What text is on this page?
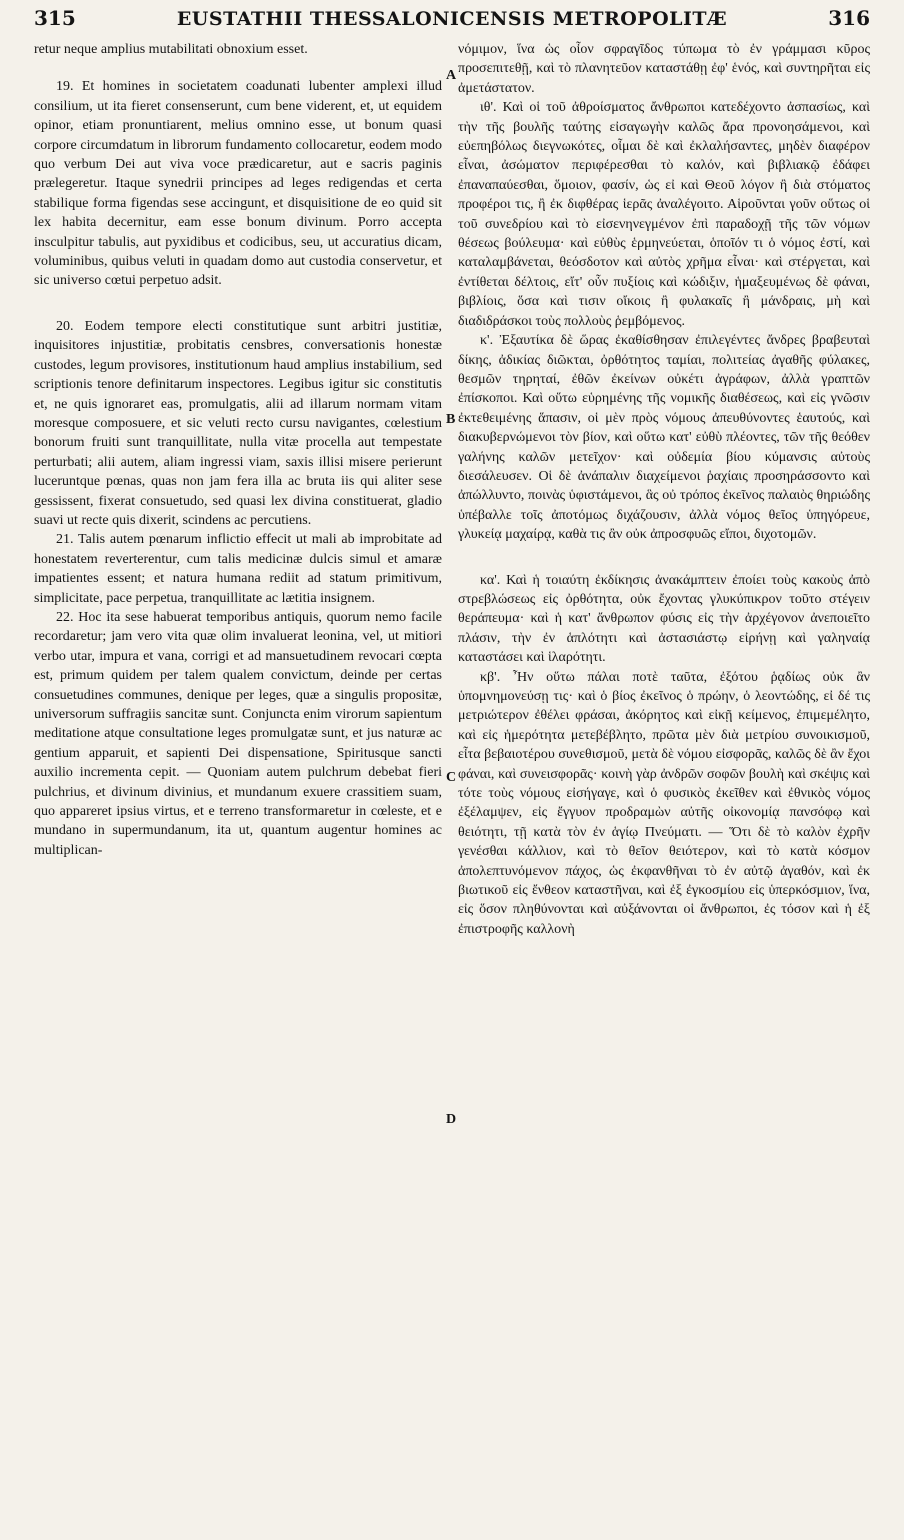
315	EUSTATHII THESSALONICENSIS METROPOLITÆ	316

retur neque amplius mutabilitati obnoxium esset.

19. Et homines in societatem coadunati lubenter amplexi illud consilium, ut ita fieret consenserunt, cum bene viderent, et, ut equidem opinor, etiam pronuntiarent, melius omnino esse, ut bonum quasi corpore circumdatum in librorum fundamento collocaretur, eodem modo quo verbum Dei aut viva voce prædicaretur, aut e sacris paginis prælegeretur. Itaque synedrii principes ad leges redigendas et certa stabilique forma figendas sese accingunt, et disquisitione de eo quid sit lex habita decernitur, eam esse bonum divinum. Porro accepta insculpitur tabulis, aut pyxidibus et codicibus, seu, ut accuratius dicam, voluminibus, quibus veluti in quadam domo aut custodia conservetur, et sic universo cœtui perpetuo adsit.

20. Eodem tempore electi constitutique sunt arbitri justitiæ, inquisitores injustitiæ, probitatis censbres, conversationis honestæ custodes, legum provisores, institutionum haud amplius instabilium, sed scriptionis tenore definitarum inspectores. Legibus igitur sic constitutis et, ne quis ignoraret eas, promulgatis, alii ad illarum normam vitam moresque composuere, et sic veluti recto cursu navigantes, cœlestium bonorum fruiti sunt tranquillitate, nulla vitæ procella aut tempestate perturbati; alii autem, aliam ingressi viam, saxis illisi misere perierunt luceruntque pœnas, quas non jam fera illa ac bruta iis qui aliter sese gessissent, fixerat consuetudo, sed quasi lex divina constituerat, gladio suavi ut recte quis dixerit, scindens ac percutiens.

21. Talis autem pœnarum inflictio effecit ut mali ab improbitate ad honestatem reverterentur, cum talis medicinæ dulcis simul et amaræ impatientes essent; et natura humana rediit ad statum primitivum, simplicitate, pace perpetua, tranquillitate ac lætitia insignem.

22. Hoc ita sese habuerat temporibus antiquis, quorum nemo facile recordaretur; jam vero vita quæ olim invaluerat leonina, vel, ut mitiori verbo utar, impura et vana, corrigi et ad mansuetudinem revocari cœpta est, primum quidem per talem qualem convictum, deinde per certas consuetudines communes, denique per leges, quæ a singulis propositæ, universorum suffragiis sancitæ sunt. Conjuncta enim virorum sapientum meditatione atque consultatione leges promulgatæ sunt, et jus naturæ ac gentium apparuit, et sapienti Dei dispensatione, Spiritusque sancti auxilio incrementa cepit. — Quoniam autem pulchrum debebat fieri pulchrius, et divinum divinius, et mundanum exuere crassitiem suam, quo appareret ipsius virtus, et e terreno transformaretur in cœleste, et e mundano in supermundanum, ita ut, quantum augentur homines ac multiplican-

A
B
C
D

νόμιμον, ἵνα ὡς οἷον σφραγῖδος τύπωμα τὸ ἐν γράμμασι κῦρος προσεπιτεθῇ, καὶ τὸ πλανητεῦον καταστάθῃ ἐφ' ἑνός, καὶ συντηρῆται εἰς ἀμετάστατον.

ιθ'. Καὶ οἱ τοῦ ἀθροίσματος ἄνθρωποι κατεδέχοντο ἀσπασίως, καὶ τὴν τῆς βουλῆς ταύτης εἰσαγωγὴν καλῶς ἄρα προνοησάμενοι, καὶ εὐεπηβόλως διεγνωκότες, οἶμαι δὲ καὶ ἐκλαλήσαντες, μηδὲν διαφέρον εἶναι, ἀσώματον περιφέρεσθαι τὸ καλόν, καὶ βιβλιακῷ ἐδάφει ἐπαναπαύεσθαι, ὅμοιον, φασίν, ὡς εἰ καὶ Θεοῦ λόγον ἢ διὰ στόματος προφέροι τις, ἢ ἐκ διφθέρας ἱερᾶς ἀναλέγοιτο. Αἱροῦνται γοῦν οὕτως οἱ τοῦ συνεδρίου καὶ τὸ εἰσενηνεγμένον ἐπὶ παραδοχῇ τῆς τῶν νόμων θέσεως βούλευμα· καὶ εὐθὺς ἑρμηνεύεται, ὁποῖόν τι ὁ νόμος ἐστί, καὶ καταλαμβάνεται, θεόσδοτον καὶ αὐτὸς χρῆμα εἶναι· καὶ στέργεται, καὶ ἐντίθεται δέλτοις, εἴτ' οὖν πυξίοις καὶ κώδιξιν, ἡμαξευμένως δὲ φάναι, βιβλίοις, ὅσα καὶ τισιν οἴκοις ἢ φυλακαῖς ἢ μάνδραις, μὴ καὶ διαδιδράσκοι τοὺς πολλοὺς ῥεμβόμενος.

κ'. Ἐξαυτίκα δὲ ὥρας ἐκαθίσθησαν ἐπιλεγέντες ἄνδρες βραβευταὶ δίκης, ἀδικίας διῶκται, ὀρθότητος ταμίαι, πολιτείας ἀγαθῆς φύλακες, θεσμῶν τηρηταί, ἐθῶν ἐκείνων οὐκέτι ἀγράφων, ἀλλὰ γραπτῶν ἐπίσκοποι. Καὶ οὕτω εὑρημένης τῆς νομικῆς διαθέσεως, καὶ εἰς γνῶσιν ἐκτεθειμένης ἅπασιν, οἱ μὲν πρὸς νόμους ἀπευθύνοντες ἑαυτούς, καὶ διακυβερνώμενοι τὸν βίον, καὶ οὕτω κατ' εὐθὺ πλέοντες, τῶν τῆς θεόθεν γαλήνης καλῶν μετεῖχον· καὶ οὐδεμία βίου κύμανσις αὐτοὺς διεσάλευσεν. Οἱ δὲ ἀνάπαλιν διαχείμενοι ῥαχίαις προσηράσσοντο καὶ ἀπώλλυντο, ποινὰς ὑφιστάμενοι, ἃς οὐ τρόπος ἐκεῖνος παλαιὸς θηριώδης ὑπέβαλλε τοῖς ἀποτόμως διχάζουσιν, ἀλλὰ νόμος θεῖος ὑπηγόρευε, γλυκείᾳ μαχαίρᾳ, καθὰ τις ἂν οὐκ ἀπροσφυῶς εἴποι, διχοτομῶν.

κα'. Καὶ ἡ τοιαύτη ἐκδίκησις ἀνακάμπτειν ἐποίει τοὺς κακοὺς ἀπὸ στρεβλώσεως εἰς ὀρθότητα, οὐκ ἔχοντας γλυκύπικρον τοῦτο στέγειν θεράπευμα· καὶ ἡ κατ' ἄνθρωπον φύσις εἰς τὴν ἀρχέγονον ἀνεποιεῖτο πλάσιν, τὴν ἐν ἁπλότητι καὶ ἀστασιάστῳ εἰρήνῃ καὶ γαληναίᾳ καταστάσει καὶ ἱλαρότητι.

κβ'. Ἦν οὕτω πάλαι ποτὲ ταῦτα, ἐξότου ῥᾳδίως οὐκ ἂν ὑπομνημονεύσῃ τις· καὶ ὁ βίος ἐκεῖνος ὁ πρώην, ὁ λεοντώδης, εἰ δέ τις μετριώτερον ἐθέλει φράσαι, ἀκόρητος καὶ εἰκῇ κείμενος, ἐπιμεμέλητο, καὶ εἰς ἡμερότητα μετεβέβλητο, πρῶτα μὲν διὰ μετρίου συνοικισμοῦ, εἶτα βεβαιοτέρου συνεθισμοῦ, μετὰ δὲ νόμου εἰσφορᾶς, καλῶς δὲ ἂν ἔχοι φάναι, καὶ συνεισφορᾶς· κοινὴ γὰρ ἀνδρῶν σοφῶν βουλὴ καὶ σκέψις καὶ τότε τοὺς νόμους εἰσήγαγε, καὶ ὁ φυσικὸς ἐκεῖθεν καὶ ἐθνικὸς νόμος ἐξέλαμψεν, εἰς ἔγγυον προδραμὼν αὐτῆς οἰκονομίᾳ πανσόφῳ καὶ θειότητι, τῇ κατὰ τὸν ἐν ἁγίῳ Πνεύματι. — Ὅτι δὲ τὸ καλὸν ἐχρῆν γενέσθαι κάλλιον, καὶ τὸ θεῖον θειότερον, καὶ τὸ κατὰ κόσμον ἀπολεπτυνόμενον πάχος, ὡς ἐκφανθῆναι τὸ ἐν αὐτῷ ἀγαθόν, καὶ ἐκ βιωτικοῦ εἰς ἔνθεον καταστῆναι, καὶ ἐξ ἐγκοσμίου εἰς ὑπερκόσμιον, ἵνα, εἰς ὅσον πληθύνονται καὶ αὐξάνονται οἱ ἄνθρωποι, ἐς τόσον καὶ ἡ ἐξ ἐπιστροφῆς καλλονὴ
